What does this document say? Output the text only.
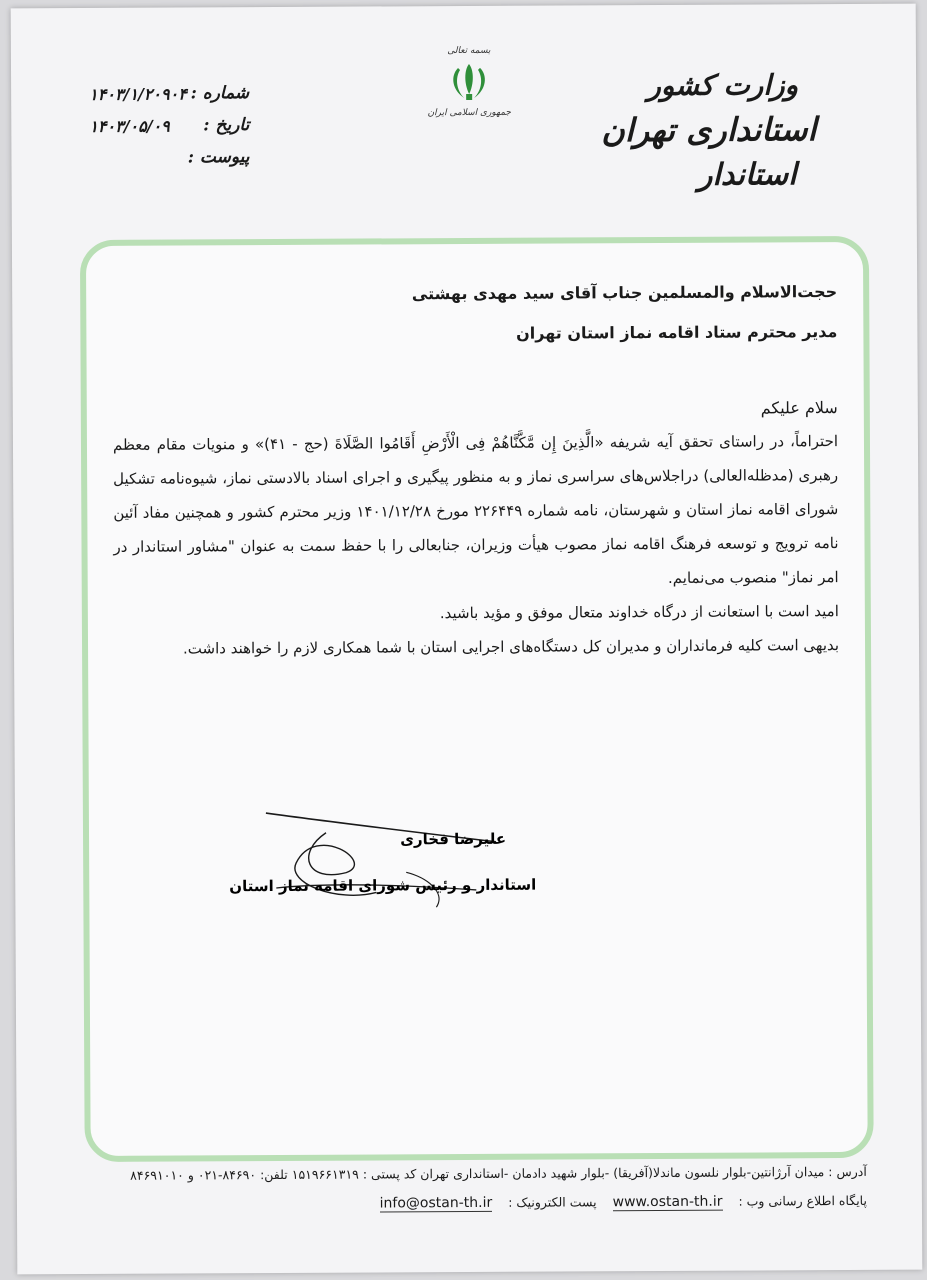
وزارت کشور
استانداری تهران
استاندار
بسمه تعالی
جمهوری اسلامی ایران
شماره :
۱۴۰۳/۱/۲۰۹۰۴
تاریخ :
۱۴۰۳/۰۵/۰۹
پیوست :
حجت‌الاسلام والمسلمین جناب آقای سید مهدی بهشتی
مدیر محترم ستاد اقامه نماز استان تهران
سلام علیکم

احتراماً، در راستای تحقق آیه شریفه «الَّذِینَ إِن مَّكَّنَّاهُمْ فِی الْأَرْضِ أَقَامُوا الصَّلَاةَ (حج - ۴۱)» و منویات مقام معظم رهبری (مدظله‌العالی) دراجلاس‌های سراسری نماز و به منظور پیگیری و اجرای اسناد بالادستی نماز، شیوه‌نامه تشکیل شورای اقامه نماز استان و شهرستان، نامه شماره ۲۲۶۴۴۹ مورخ ۱۴۰۱/۱۲/۲۸ وزیر محترم کشور و همچنین مفاد آئین نامه ترویج و توسعه فرهنگ اقامه نماز مصوب هیأت وزیران، جنابعالی را با حفظ سمت به عنوان "مشاور استاندار در امر نماز" منصوب می‌نمایم.

امید است با استعانت از درگاه خداوند متعال موفق و مؤید باشید.

بدیهی است کلیه فرمانداران و مدیران کل دستگاه‌های اجرایی استان با شما همکاری لازم را خواهند داشت.

علیرضا فخاری
استاندار و رئیس شورای اقامه نماز استان
آدرس : میدان آرژانتین-بلوار نلسون ماندلا(آفریقا) -بلوار شهید دادمان -استانداری تهران کد پستی : ۱۵۱۹۶۶۱۳۱۹ تلفن: ۸۴۶۹۰-۰۲۱ و ۸۴۶۹۱۰۱۰
پایگاه اطلاع رسانی وب :
www.ostan-th.ir
پست الکترونیک :
info@ostan-th.ir
